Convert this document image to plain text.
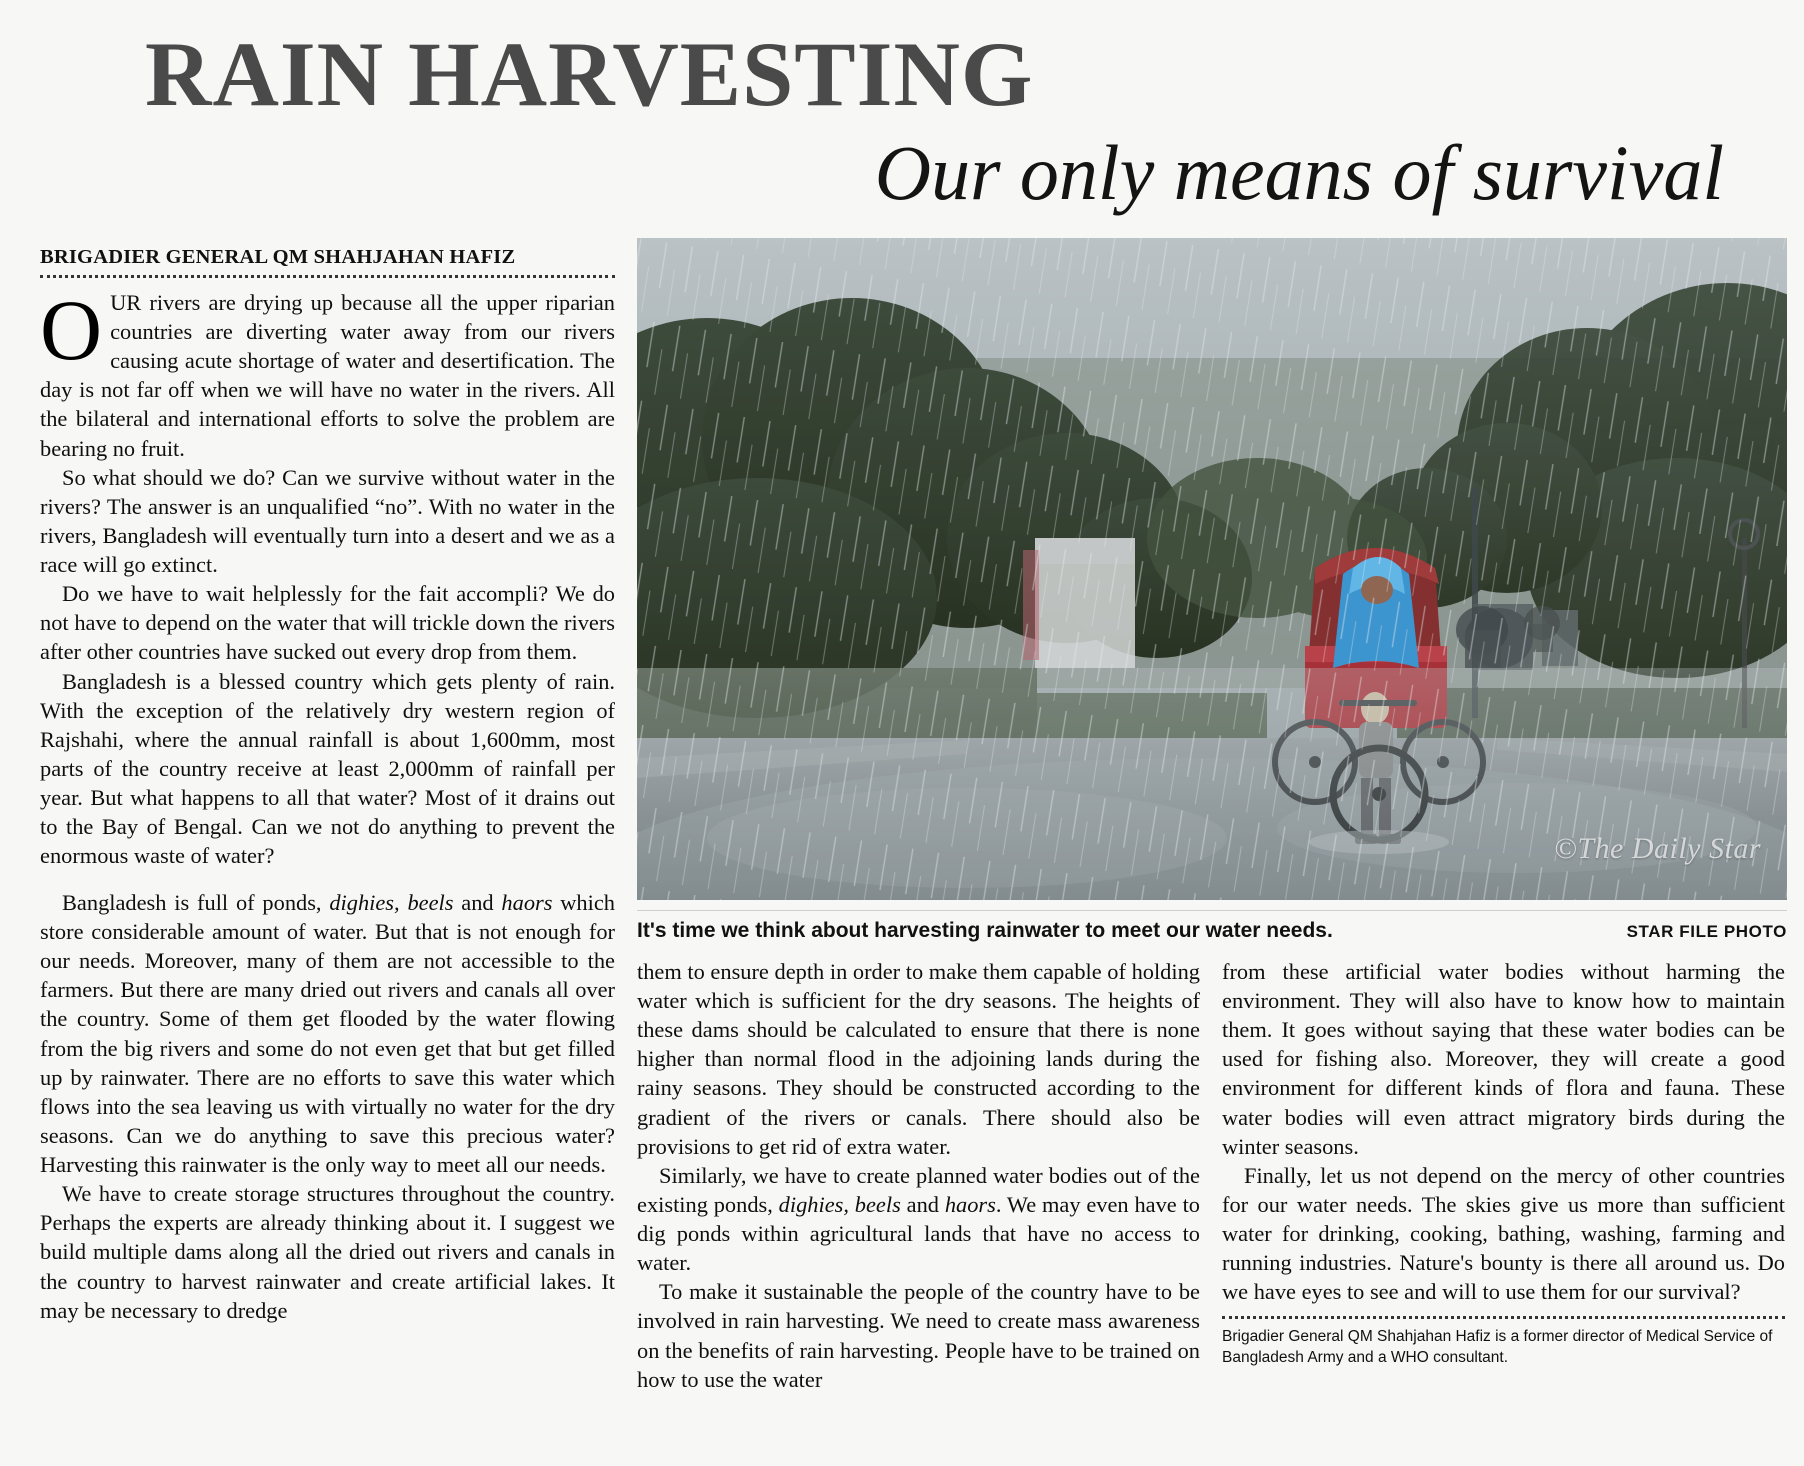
RAIN HARVESTING
Our only means of survival
BRIGADIER GENERAL QM SHAHJAHAN HAFIZ

OUR rivers are drying up because all the upper riparian countries are diverting water away from our rivers causing acute shortage of water and desertification. The day is not far off when we will have no water in the rivers. All the bilateral and international efforts to solve the problem are bearing no fruit.

So what should we do? Can we survive without water in the rivers? The answer is an unqualified “no”. With no water in the rivers, Bangladesh will eventually turn into a desert and we as a race will go extinct.

Do we have to wait helplessly for the fait accompli? We do not have to depend on the water that will trickle down the rivers after other countries have sucked out every drop from them.

Bangladesh is a blessed country which gets plenty of rain. With the exception of the relatively dry western region of Rajshahi, where the annual rainfall is about 1,600mm, most parts of the country receive at least 2,000mm of rainfall per year. But what happens to all that water? Most of it drains out to the Bay of Bengal. Can we not do anything to prevent the enormous waste of water?	©The Daily Star
It's time we think about harvesting rainwater to meet our water needs.	STAR FILE PHOTO

them to ensure depth in order to make them capable of holding water which is sufficient for the dry seasons. The heights of these dams should be calculated to ensure that there is none higher than normal flood in the adjoining lands during the rainy seasons. They should be constructed according to the gradient of the rivers or canals. There should also be provisions to get rid of extra water.

Similarly, we have to create planned water bodies out of the existing ponds, dighies, beels and haors. We may even have to dig ponds within agricultural lands that have no access to water.

To make it sustainable the people of the country have to be involved in rain harvesting. We need to create mass awareness on the benefits of rain harvesting. People have to be trained on how to use the water

from these artificial water bodies without harming the environment. They will also have to know how to maintain them. It goes without saying that these water bodies can be used for fishing also. Moreover, they will create a good environment for different kinds of flora and fauna. These water bodies will even attract migratory birds during the winter seasons.

Finally, let us not depend on the mercy of other countries for our water needs. The skies give us more than sufficient water for drinking, cooking, bathing, washing, farming and running industries. Nature's bounty is there all around us. Do we have eyes to see and will to use them for our survival?

Brigadier General QM Shahjahan Hafiz is a former director of Medical Service of Bangladesh Army and a WHO consultant.

Bangladesh is full of ponds, dighies, beels and haors which store considerable amount of water. But that is not enough for our needs. Moreover, many of them are not accessible to the farmers. But there are many dried out rivers and canals all over the country. Some of them get flooded by the water flowing from the big rivers and some do not even get that but get filled up by rainwater. There are no efforts to save this water which flows into the sea leaving us with virtually no water for the dry seasons. Can we do anything to save this precious water? Harvesting this rainwater is the only way to meet all our needs.

We have to create storage structures throughout the country. Perhaps the experts are already thinking about it. I suggest we build multiple dams along all the dried out rivers and canals in the country to harvest rainwater and create artificial lakes. It may be necessary to dredge
